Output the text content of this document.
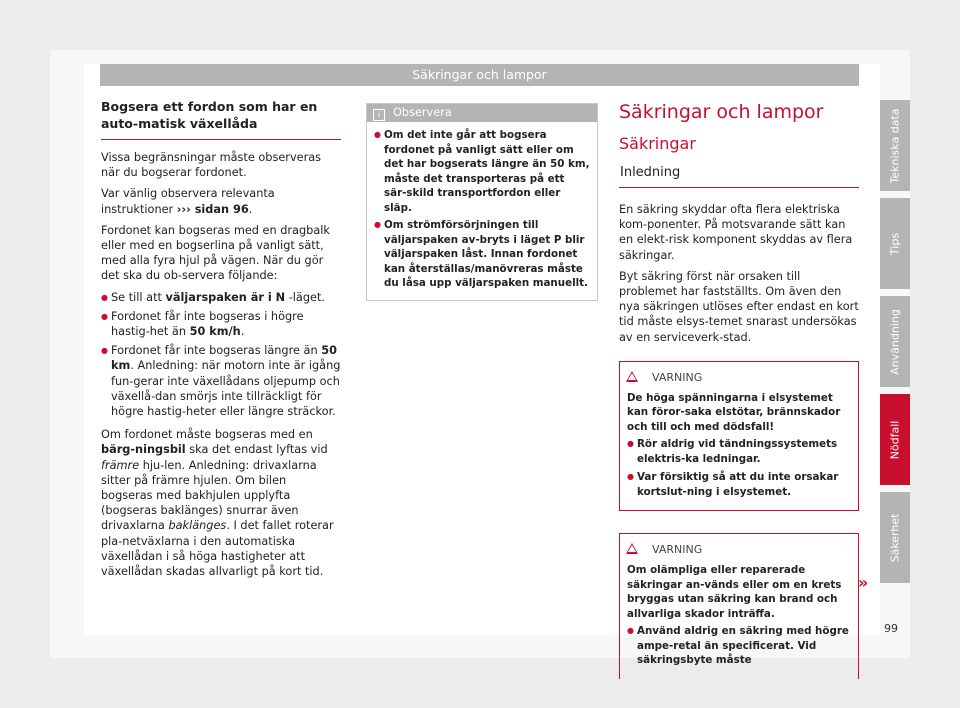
Säkringar och lampor
Bogsera ett fordon som har en auto-matisk växellåda

Vissa begränsningar måste observeras när du bogserar fordonet.

Var vänlig observera relevanta instruktioner ››› sidan 96.

Fordonet kan bogseras med en dragbalk eller med en bogserlina på vanligt sätt, med alla fyra hjul på vägen. När du gör det ska du ob-servera följande:

● Se till att väljarspaken är i N -läget.
● Fordonet får inte bogseras i högre hastig-het än 50 km/h.
● Fordonet får inte bogseras längre än 50 km. Anledning: när motorn inte är igång fun-gerar inte växellådans oljepump och växellå-dan smörjs inte tillräckligt för högre hastig-heter eller längre sträckor.

Om fordonet måste bogseras med en bärg-ningsbil ska det endast lyftas vid främre hju-len. Anledning: drivaxlarna sitter på främre hjulen. Om bilen bogseras med bakhjulen upplyfta (bogseras baklänges) snurrar även drivaxlarna baklänges. I det fallet roterar pla-netväxlarna i den automatiska växellådan i så höga hastigheter att växellådan skadas allvarligt på kort tid.

i Observera
● Om det inte går att bogsera fordonet på vanligt sätt eller om det har bogserats längre än 50 km, måste det transporteras på ett sär-skild transportfordon eller släp.
● Om strömförsörjningen till väljarspaken av-bryts i läget P blir väljarspaken låst. Innan fordonet kan återställas/manövreras måste du låsa upp väljarspaken manuellt.
Säkringar och lampor
Säkringar
Inledning

En säkring skyddar ofta flera elektriska kom-ponenter. På motsvarande sätt kan en elekt-risk komponent skyddas av flera säkringar.

Byt säkring först när orsaken till problemet har fastställts. Om även den nya säkringen utlöses efter endast en kort tid måste elsys-temet snarast undersökas av en serviceverk-stad.

VARNING

De höga spänningarna i elsystemet kan föror-saka elstötar, brännskador och till och med dödsfall!

● Rör aldrig vid tändningssystemets elektris-ka ledningar.
● Var försiktig så att du inte orsakar kortslut-ning i elsystemet.
VARNING

Om olämpliga eller reparerade säkringar an-vänds eller om en krets bryggas utan säkring kan brand och allvarliga skador inträffa.

● Använd aldrig en säkring med högre ampe-retal än specificerat. Vid säkringsbyte måste
»
Tekniska data
Tips
Användning
Nödfall
Säkerhet
99
